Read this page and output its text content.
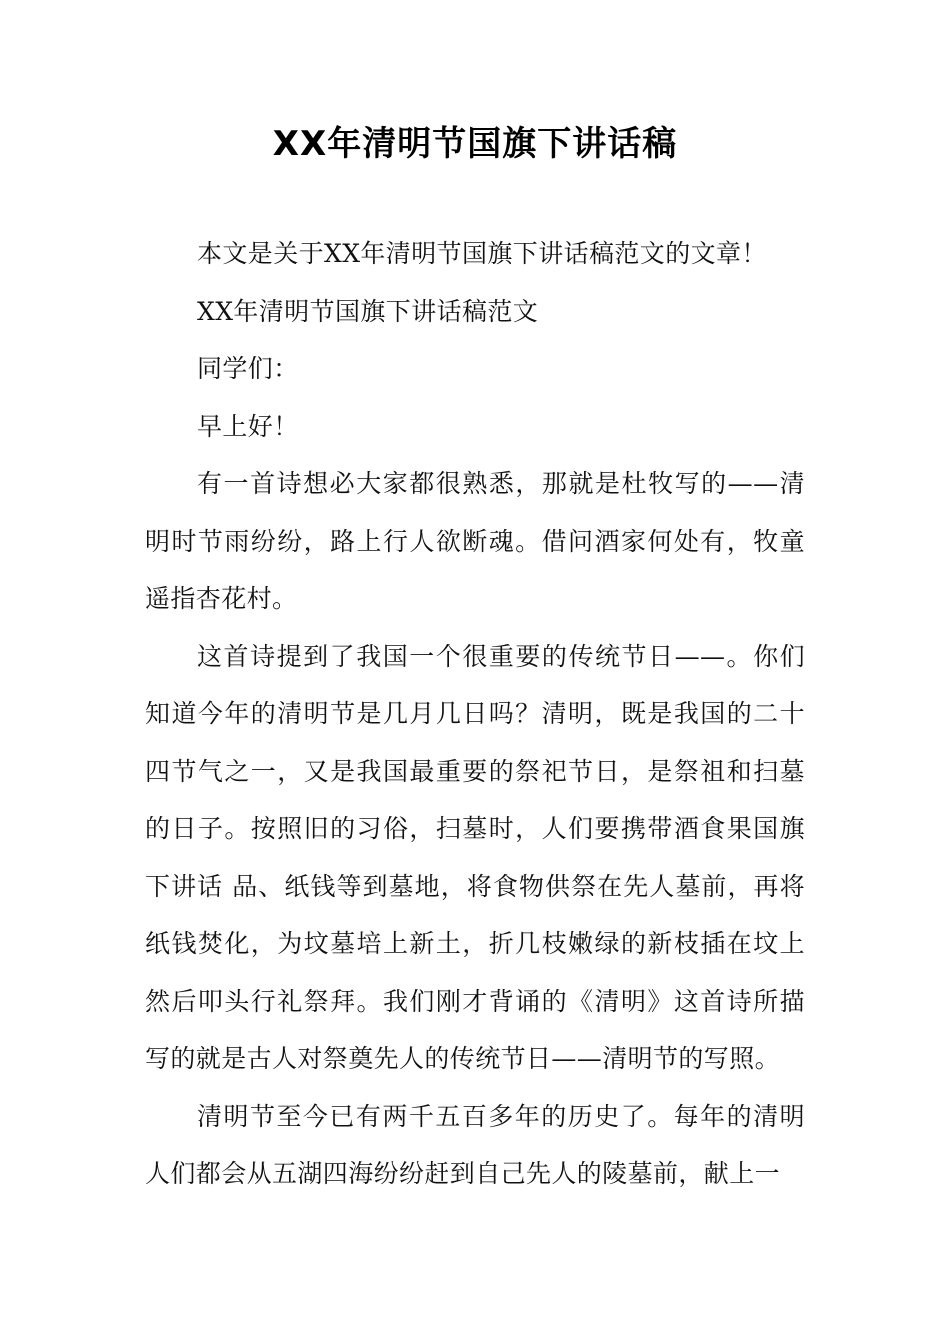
XX年清明节国旗下讲话稿

本文是关于XX年清明节国旗下讲话稿范文的文章！

XX年清明节国旗下讲话稿范文

同学们：

早上好！

有一首诗想必大家都很熟悉，那就是杜牧写的——清明时节雨纷纷，路上行人欲断魂。借问酒家何处有，牧童遥指杏花村。

这首诗提到了我国一个很重要的传统节日——。你们知道今年的清明节是几月几日吗？清明，既是我国的二十四节气之一，又是我国最重要的祭祀节日，是祭祖和扫墓的日子。按照旧的习俗，扫墓时，人们要携带酒食果国旗下讲话 品、纸钱等到墓地，将食物供祭在先人墓前，再将纸钱焚化，为坟墓培上新土，折几枝嫩绿的新枝插在坟上然后叩头行礼祭拜。我们刚才背诵的《清明》这首诗所描写的就是古人对祭奠先人的传统节日——清明节的写照。

清明节至今已有两千五百多年的历史了。每年的清明人们都会从五湖四海纷纷赶到自己先人的陵墓前，献上一
